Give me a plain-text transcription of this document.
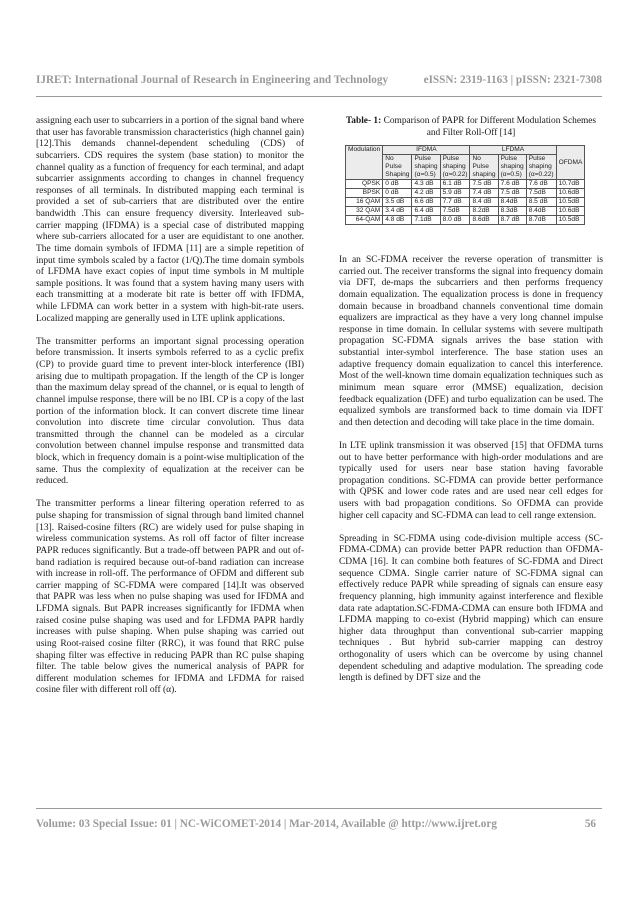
IJRET: International Journal of Research in Engineering and Technology	eISSN: 2319-1163 | pISSN: 2321-7308

assigning each user to subcarriers in a portion of the signal band where that user has favorable transmission characteristics (high channel gain)[12].This demands channel-dependent scheduling (CDS) of subcarriers. CDS requires the system (base station) to monitor the channel quality as a function of frequency for each terminal, and adapt subcarrier assignments according to changes in channel frequency responses of all terminals. In distributed mapping each terminal is provided a set of sub-carriers that are distributed over the entire bandwidth .This can ensure frequency diversity. Interleaved sub-carrier mapping (IFDMA) is a special case of distributed mapping where sub-carriers allocated for a user are equidistant to one another. The time domain symbols of IFDMA [11] are a simple repetition of input time symbols scaled by a factor (1/Q).The time domain symbols of LFDMA have exact copies of input time symbols in M multiple sample positions. It was found that a system having many users with each transmitting at a moderate bit rate is better off with IFDMA, while LFDMA can work better in a system with high-bit-rate users. Localized mapping are generally used in LTE uplink applications.

The transmitter performs an important signal processing operation before transmission. It inserts symbols referred to as a cyclic prefix (CP) to provide guard time to prevent inter-block interference (IBI) arising due to multipath propagation. If the length of the CP is longer than the maximum delay spread of the channel, or is equal to length of channel impulse response, there will be no IBI. CP is a copy of the last portion of the information block. It can convert discrete time linear convolution into discrete time circular convolution. Thus data transmitted through the channel can be modeled as a circular convolution between channel impulse response and transmitted data block, which in frequency domain is a point-wise multiplication of the same. Thus the complexity of equalization at the receiver can be reduced.

The transmitter performs a linear filtering operation referred to as pulse shaping for transmission of signal through band limited channel [13]. Raised-cosine filters (RC) are widely used for pulse shaping in wireless communication systems. As roll off factor of filter increase PAPR reduces significantly. But a trade-off between PAPR and out of-band radiation is required because out-of-band radiation can increase with increase in roll-off. The performance of OFDM and different sub carrier mapping of SC-FDMA were compared [14].It was observed that PAPR was less when no pulse shaping was used for IFDMA and LFDMA signals. But PAPR increases significantly for IFDMA when raised cosine pulse shaping was used and for LFDMA PAPR hardly increases with pulse shaping. When pulse shaping was carried out using Root-raised cosine filter (RRC), it was found that RRC pulse shaping filter was effective in reducing PAPR than RC pulse shaping filter. The table below gives the numerical analysis of PAPR for different modulation schemes for IFDMA and LFDMA for raised cosine filer with different roll off (α).

Table- 1: Comparison of PAPR for Different Modulation Schemes and Filter Roll-Off [14]
Modulation	IFDMA			LFDMA			OFDMA
	No
Pulse
Shaping	Pulse
shaping
(α=0.5)	Pulse
shaping
(α=0.22)	No
Pulse
shaping	Pulse
shaping
(α=0.5)	Pulse
shaping
(α=0.22)	
QPSK	0 dB	4.3 dB	6.1 dB	7.5 dB	7.6 dB	7.6 dB	10.7dB
BPSK	0 dB	4.2 dB	5.9 dB	7.4 dB	7.5 dB	7.5dB	10.6dB
16 QAM	3.5 dB	6.6 dB	7.7 dB	8.4 dB	8.4dB	8.5 dB	10.5dB
32 QAM	3.4 dB	6.4 dB	7.5dB	8.2dB	8.3dB	8.4dB	10.6dB
64-QAM	4.8 dB	7.1dB	8.0 dB	8.6dB	8.7 dB	8.7dB	10.5dB

In an SC-FDMA receiver the reverse operation of transmitter is carried out. The receiver transforms the signal into frequency domain via DFT, de-maps the subcarriers and then performs frequency domain equalization. The equalization process is done in frequency domain because in broadband channels conventional time domain equalizers are impractical as they have a very long channel impulse response in time domain. In cellular systems with severe multipath propagation SC-FDMA signals arrives the base station with substantial inter-symbol interference. The base station uses an adaptive frequency domain equalization to cancel this interference. Most of the well-known time domain equalization techniques such as minimum mean square error (MMSE) equalization, decision feedback equalization (DFE) and turbo equalization can be used. The equalized symbols are transformed back to time domain via IDFT and then detection and decoding will take place in the time domain.

In LTE uplink transmission it was observed [15] that OFDMA turns out to have better performance with high-order modulations and are typically used for users near base station having favorable propagation conditions. SC-FDMA can provide better performance with QPSK and lower code rates and are used near cell edges for users with bad propagation conditions. So OFDMA can provide higher cell capacity and SC-FDMA can lead to cell range extension.

Spreading in SC-FDMA using code-division multiple access (SC-FDMA-CDMA) can provide better PAPR reduction than OFDMA-CDMA [16]. It can combine both features of SC-FDMA and Direct sequence CDMA. Single carrier nature of SC-FDMA signal can effectively reduce PAPR while spreading of signals can ensure easy frequency planning, high immunity against interference and flexible data rate adaptation.SC-FDMA-CDMA can ensure both IFDMA and LFDMA mapping to co-exist (Hybrid mapping) which can ensure higher data throughput than conventional sub-carrier mapping techniques . But hybrid sub-carrier mapping can destroy orthogonality of users which can be overcome by using channel dependent scheduling and adaptive modulation. The spreading code length is defined by DFT size and the

Volume: 03 Special Issue: 01 | NC-WiCOMET-2014 | Mar-2014, Available @ http://www.ijret.org	56
